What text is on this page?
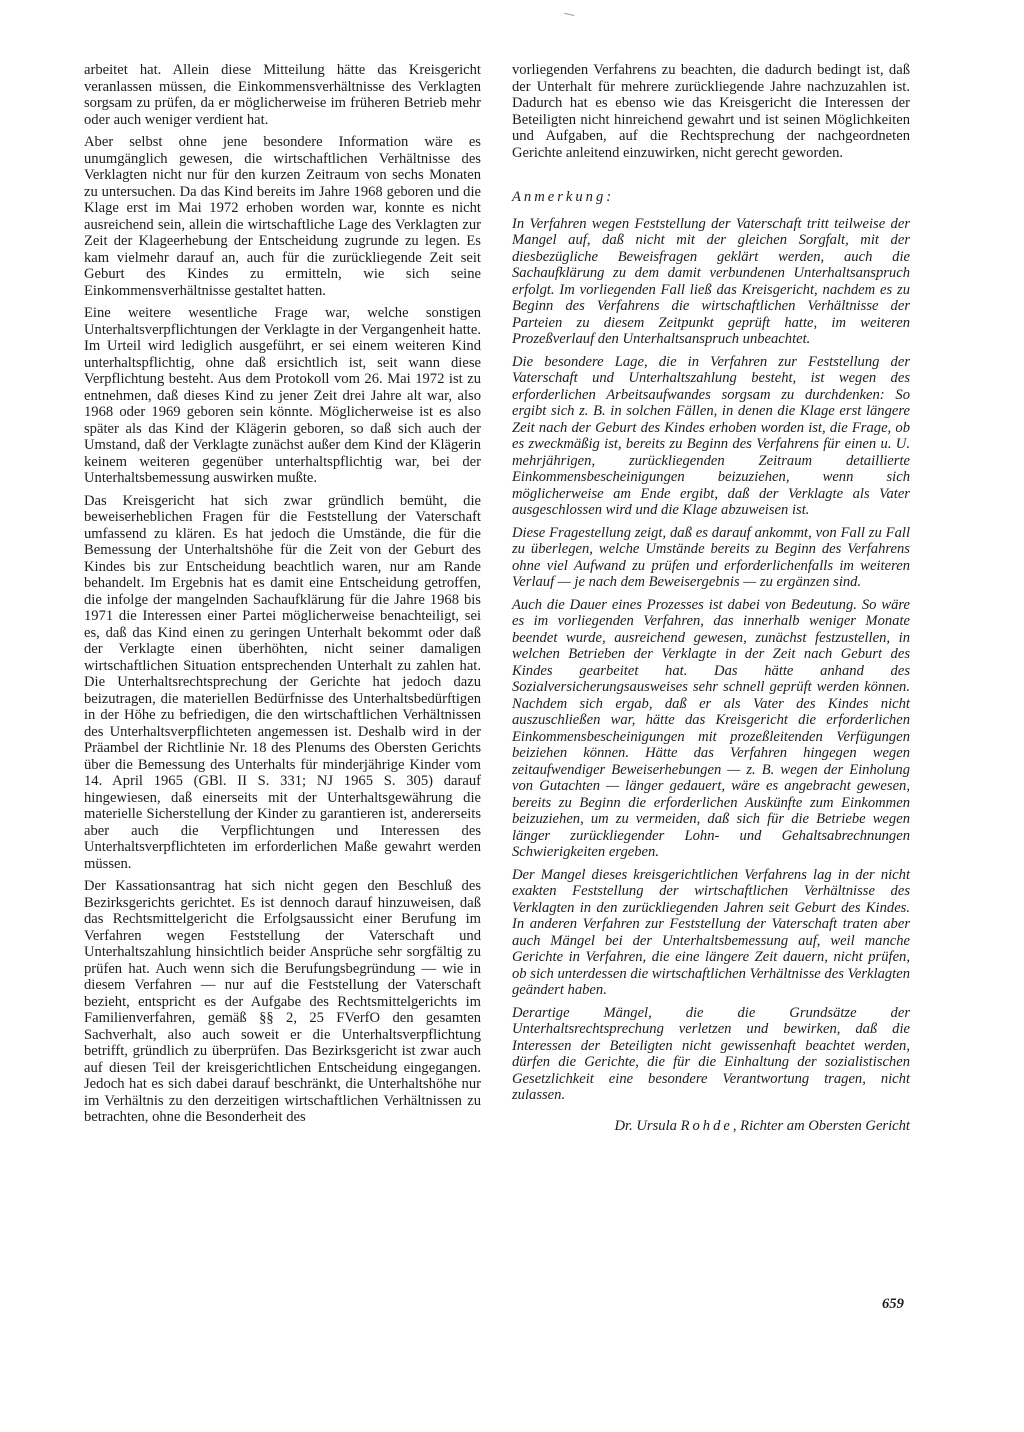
arbeitet hat. Allein diese Mitteilung hätte das Kreisgericht veranlassen müssen, die Einkommensverhältnisse des Verklagten sorgsam zu prüfen, da er möglicherweise im früheren Betrieb mehr oder auch weniger verdient hat.

Aber selbst ohne jene besondere Information wäre es unumgänglich gewesen, die wirtschaftlichen Verhältnisse des Verklagten nicht nur für den kurzen Zeitraum von sechs Monaten zu untersuchen. Da das Kind bereits im Jahre 1968 geboren und die Klage erst im Mai 1972 erhoben worden war, konnte es nicht ausreichend sein, allein die wirtschaftliche Lage des Verklagten zur Zeit der Klageerhebung der Entscheidung zugrunde zu legen. Es kam vielmehr darauf an, auch für die zurückliegende Zeit seit Geburt des Kindes zu ermitteln, wie sich seine Einkommensverhältnisse gestaltet hatten.

Eine weitere wesentliche Frage war, welche sonstigen Unterhaltsverpflichtungen der Verklagte in der Vergangenheit hatte. Im Urteil wird lediglich ausgeführt, er sei einem weiteren Kind unterhaltspflichtig, ohne daß ersichtlich ist, seit wann diese Verpflichtung besteht. Aus dem Protokoll vom 26. Mai 1972 ist zu entnehmen, daß dieses Kind zu jener Zeit drei Jahre alt war, also 1968 oder 1969 geboren sein könnte. Möglicherweise ist es also später als das Kind der Klägerin geboren, so daß sich auch der Umstand, daß der Verklagte zunächst außer dem Kind der Klägerin keinem weiteren gegenüber unterhaltspflichtig war, bei der Unterhaltsbemessung auswirken mußte.

Das Kreisgericht hat sich zwar gründlich bemüht, die beweiserheblichen Fragen für die Feststellung der Vaterschaft umfassend zu klären. Es hat jedoch die Umstände, die für die Bemessung der Unterhaltshöhe für die Zeit von der Geburt des Kindes bis zur Entscheidung beachtlich waren, nur am Rande behandelt. Im Ergebnis hat es damit eine Entscheidung getroffen, die infolge der mangelnden Sachaufklärung für die Jahre 1968 bis 1971 die Interessen einer Partei möglicherweise benachteiligt, sei es, daß das Kind einen zu geringen Unterhalt bekommt oder daß der Verklagte einen überhöhten, nicht seiner damaligen wirtschaftlichen Situation entsprechenden Unterhalt zu zahlen hat. Die Unterhaltsrechtsprechung der Gerichte hat jedoch dazu beizutragen, die materiellen Bedürfnisse des Unterhaltsbedürftigen in der Höhe zu befriedigen, die den wirtschaftlichen Verhältnissen des Unterhaltsverpflichteten angemessen ist. Deshalb wird in der Präambel der Richtlinie Nr. 18 des Plenums des Obersten Gerichts über die Bemessung des Unterhalts für minderjährige Kinder vom 14. April 1965 (GBl. II S. 331; NJ 1965 S. 305) darauf hingewiesen, daß einerseits mit der Unterhaltsgewährung die materielle Sicherstellung der Kinder zu garantieren ist, andererseits aber auch die Verpflichtungen und Interessen des Unterhaltsverpflichteten im erforderlichen Maße gewahrt werden müssen.

Der Kassationsantrag hat sich nicht gegen den Beschluß des Bezirksgerichts gerichtet. Es ist dennoch darauf hinzuweisen, daß das Rechtsmittelgericht die Erfolgsaussicht einer Berufung im Verfahren wegen Feststellung der Vaterschaft und Unterhaltszahlung hinsichtlich beider Ansprüche sehr sorgfältig zu prüfen hat. Auch wenn sich die Berufungsbegründung — wie in diesem Verfahren — nur auf die Feststellung der Vaterschaft bezieht, entspricht es der Aufgabe des Rechtsmittelgerichts im Familienverfahren, gemäß §§ 2, 25 FVerfO den gesamten Sachverhalt, also auch soweit er die Unterhaltsverpflichtung betrifft, gründlich zu überprüfen. Das Bezirksgericht ist zwar auch auf diesen Teil der kreisgerichtlichen Entscheidung eingegangen. Jedoch hat es sich dabei darauf beschränkt, die Unterhaltshöhe nur im Verhältnis zu den derzeitigen wirtschaftlichen Verhältnissen zu betrachten, ohne die Besonderheit des

vorliegenden Verfahrens zu beachten, die dadurch bedingt ist, daß der Unterhalt für mehrere zurückliegende Jahre nachzuzahlen ist. Dadurch hat es ebenso wie das Kreisgericht die Interessen der Beteiligten nicht hinreichend gewahrt und ist seinen Möglichkeiten und Aufgaben, auf die Rechtsprechung der nachgeordneten Gerichte anleitend einzuwirken, nicht gerecht geworden.

Anmerkung:

In Verfahren wegen Feststellung der Vaterschaft tritt teilweise der Mangel auf, daß nicht mit der gleichen Sorgfalt, mit der diesbezügliche Beweisfragen geklärt werden, auch die Sachaufklärung zu dem damit verbundenen Unterhaltsanspruch erfolgt. Im vorliegenden Fall ließ das Kreisgericht, nachdem es zu Beginn des Verfahrens die wirtschaftlichen Verhältnisse der Parteien zu diesem Zeitpunkt geprüft hatte, im weiteren Prozeßverlauf den Unterhaltsanspruch unbeachtet.

Die besondere Lage, die in Verfahren zur Feststellung der Vaterschaft und Unterhaltszahlung besteht, ist wegen des erforderlichen Arbeitsaufwandes sorgsam zu durchdenken: So ergibt sich z. B. in solchen Fällen, in denen die Klage erst längere Zeit nach der Geburt des Kindes erhoben worden ist, die Frage, ob es zweckmäßig ist, bereits zu Beginn des Verfahrens für einen u. U. mehrjährigen, zurückliegenden Zeitraum detaillierte Einkommensbescheinigungen beizuziehen, wenn sich möglicherweise am Ende ergibt, daß der Verklagte als Vater ausgeschlossen wird und die Klage abzuweisen ist.

Diese Fragestellung zeigt, daß es darauf ankommt, von Fall zu Fall zu überlegen, welche Umstände bereits zu Beginn des Verfahrens ohne viel Aufwand zu prüfen und erforderlichenfalls im weiteren Verlauf — je nach dem Beweisergebnis — zu ergänzen sind.

Auch die Dauer eines Prozesses ist dabei von Bedeutung. So wäre es im vorliegenden Verfahren, das innerhalb weniger Monate beendet wurde, ausreichend gewesen, zunächst festzustellen, in welchen Betrieben der Verklagte in der Zeit nach Geburt des Kindes gearbeitet hat. Das hätte anhand des Sozialversicherungsausweises sehr schnell geprüft werden können. Nachdem sich ergab, daß er als Vater des Kindes nicht auszuschließen war, hätte das Kreisgericht die erforderlichen Einkommensbescheinigungen mit prozeßleitenden Verfügungen beiziehen können. Hätte das Verfahren hingegen wegen zeitaufwendiger Beweiserhebungen — z. B. wegen der Einholung von Gutachten — länger gedauert, wäre es angebracht gewesen, bereits zu Beginn die erforderlichen Auskünfte zum Einkommen beizuziehen, um zu vermeiden, daß sich für die Betriebe wegen länger zurückliegender Lohn- und Gehaltsabrechnungen Schwierigkeiten ergeben.

Der Mangel dieses kreisgerichtlichen Verfahrens lag in der nicht exakten Feststellung der wirtschaftlichen Verhältnisse des Verklagten in den zurückliegenden Jahren seit Geburt des Kindes. In anderen Verfahren zur Feststellung der Vaterschaft traten aber auch Mängel bei der Unterhaltsbemessung auf, weil manche Gerichte in Verfahren, die eine längere Zeit dauern, nicht prüfen, ob sich unterdessen die wirtschaftlichen Verhältnisse des Verklagten geändert haben.

Derartige Mängel, die die Grundsätze der Unterhaltsrechtsprechung verletzen und bewirken, daß die Interessen der Beteiligten nicht gewissenhaft beachtet werden, dürfen die Gerichte, die für die Einhaltung der sozialistischen Gesetzlichkeit eine besondere Verantwortung tragen, nicht zulassen.

Dr. Ursula Rohde, Richter am Obersten Gericht
659
